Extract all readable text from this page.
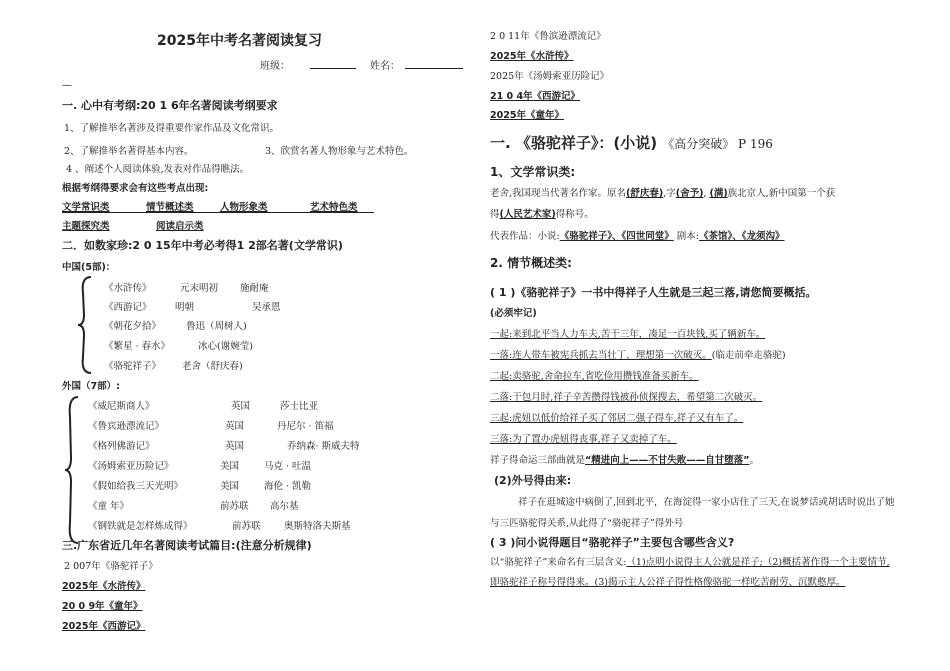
2025年中考名著阅读复习
班级：	姓名：
—
一. 心中有考纲:20 1 6年名著阅读考纲要求
1、了解推举名著涉及得重要作家作品及文化常识。
2、了解推举名著得基本内容。	3、欣赏名著人物形象与艺术特色。
4 、阐述个人阅读体验,发表对作品得瞧法。
根据考纲得要求会有这些考点出现:
文学常识类	情节概述类	人物形象类	艺术特色类
主题探究类	阅读启示类
二．如数家珍:2 0 15年中考必考得1 2部名著(文学常识)
中国(5部)：
《水浒传》	元末明初 施耐庵
《西游记》 明朝	吴承恩
《朝花夕拾》	鲁迅（周树人)
《繁星 · 春水》	冰心(谢婉莹)
《骆驼祥子》 老舍（舒庆春)
外国（7部）:
《威尼斯商人》	英国	莎士比亚
《鲁宾逊漂流记》	英国	丹尼尔 · 笛福
《格列佛游记》	英国	乔纳森· 斯威夫特
《汤姆索亚历险记》	美国	马克 · 吐温
《假如给我三天光明》	美国	海伦 · 凯勒
《童 年》	前苏联 高尔基
《钢铁就是怎样炼成得》	前苏联 奥斯特洛夫斯基
三.广东省近几年名著阅读考试篇目:(注意分析规律)
2 007年《骆驼祥子》
2025年《水浒传》
20 0 9年《童年》
2025年《西游记》
2 0 11年《鲁滨逊漂流记》
2025年《水浒传》
2025年《汤姆索亚历险记》
21 0 4年《西游记》
2025年《童年》
一. 《骆驼祥子》：(小说) 《高分突破》 P 196
1、文学常识类:
老舍,我国现当代著名作家。原名(舒庆春),字(舍予), (满)族北京人,新中国第一个获
得(人民艺术家)得称号。
代表作品：小说:《骆驼祥子》、《四世同堂》 剧本:《茶馆》、《龙须沟》
2. 情节概述类:
( 1 )《骆驼祥子》一书中得祥子人生就是三起三落,请您简要概括。
(必须牢记)
一起:来到北平当人力车夫,苦干三年，凑足一百块钱,买了辆新车。
一落:连人带车被宪兵抓去当壮丁，理想第一次破灭。(临走前牵走骆驼)
二起:卖骆驼,舍命拉车,省吃俭用攒钱准备买新车。
二落:干包月时,祥子辛苦攒得钱被孙侦探搜去，希望第二次破灭。
三起:虎妞以低价给祥子买了邻居二强子得车,祥子又有车了。
三落:为了置办虎妞得丧事,祥子又卖掉了车。
祥子得命运三部曲就是“精进向上——不甘失败——自甘堕落”。
(2)外号得由来:
祥子在逛城途中病倒了,回到北平，在海淀得一家小店住了三天,在说梦话或胡话时说出了她与三匹骆驼得关系,从此得了“骆驼祥子”得外号
( 3 )问小说得题目“骆驼祥子”主要包含哪些含义?
以“骆驼祥子”来命名有三层含义:（1)点明小说得主人公就是祥子;（2)概括著作得一个主要情节,即骆驼祥子称号得得来。(3)揭示主人公祥子得性格像骆驼一样吃苦耐劳、沉默憨厚。
